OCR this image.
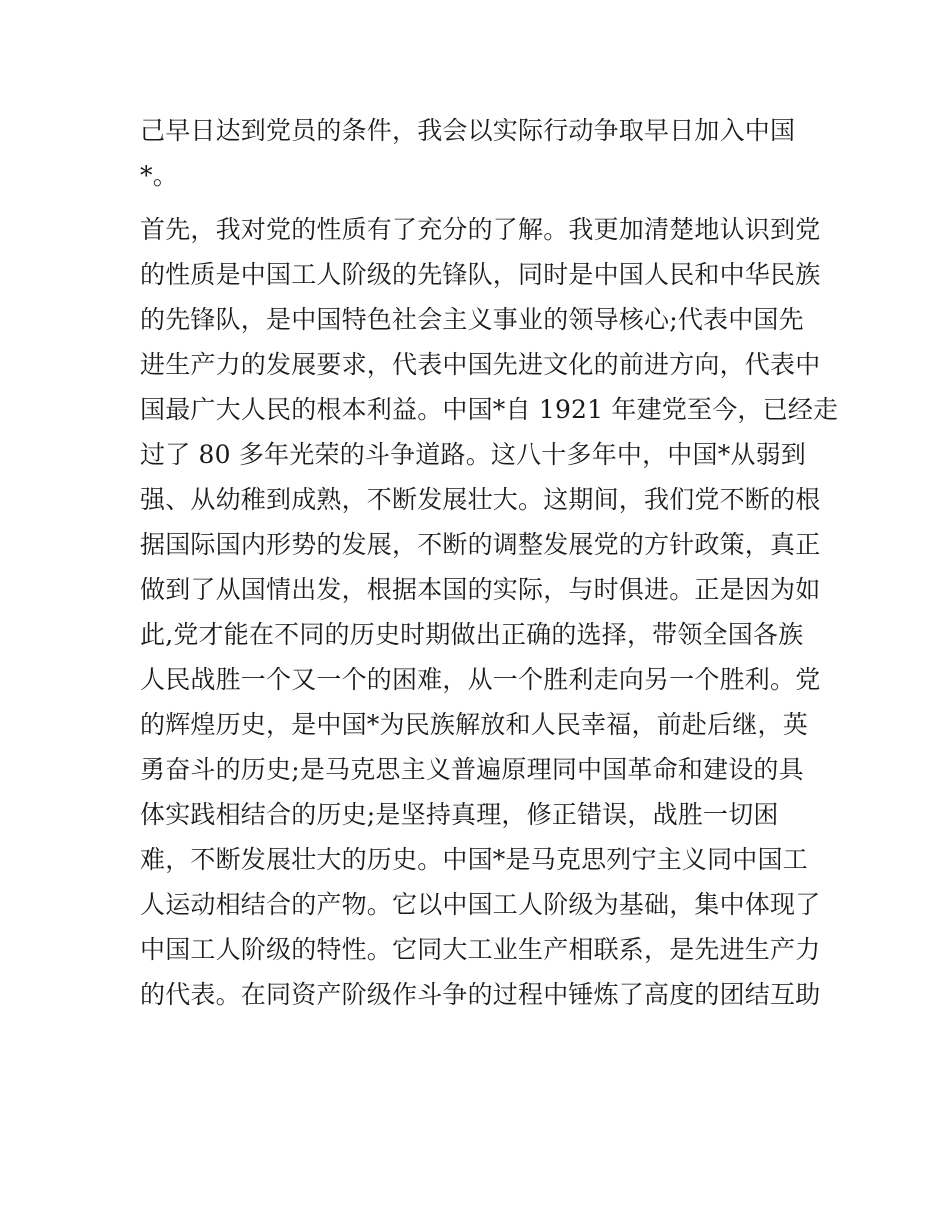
己早日达到党员的条件，我会以实际行动争取早日加入中国

*。

首先，我对党的性质有了充分的了解。我更加清楚地认识到党

的性质是中国工人阶级的先锋队，同时是中国人民和中华民族

的先锋队，是中国特色社会主义事业的领导核心;代表中国先

进生产力的发展要求，代表中国先进文化的前进方向，代表中

国最广大人民的根本利益。中国*自 1921 年建党至今，已经走

过了 80 多年光荣的斗争道路。这八十多年中，中国*从弱到

强、从幼稚到成熟，不断发展壮大。这期间，我们党不断的根

据国际国内形势的发展，不断的调整发展党的方针政策，真正

做到了从国情出发，根据本国的实际，与时俱进。正是因为如

此,党才能在不同的历史时期做出正确的选择，带领全国各族

人民战胜一个又一个的困难，从一个胜利走向另一个胜利。党

的辉煌历史，是中国*为民族解放和人民幸福，前赴后继，英

勇奋斗的历史;是马克思主义普遍原理同中国革命和建设的具

体实践相结合的历史;是坚持真理，修正错误，战胜一切困

难，不断发展壮大的历史。中国*是马克思列宁主义同中国工

人运动相结合的产物。它以中国工人阶级为基础，集中体现了

中国工人阶级的特性。它同大工业生产相联系，是先进生产力

的代表。在同资产阶级作斗争的过程中锤炼了高度的团结互助
